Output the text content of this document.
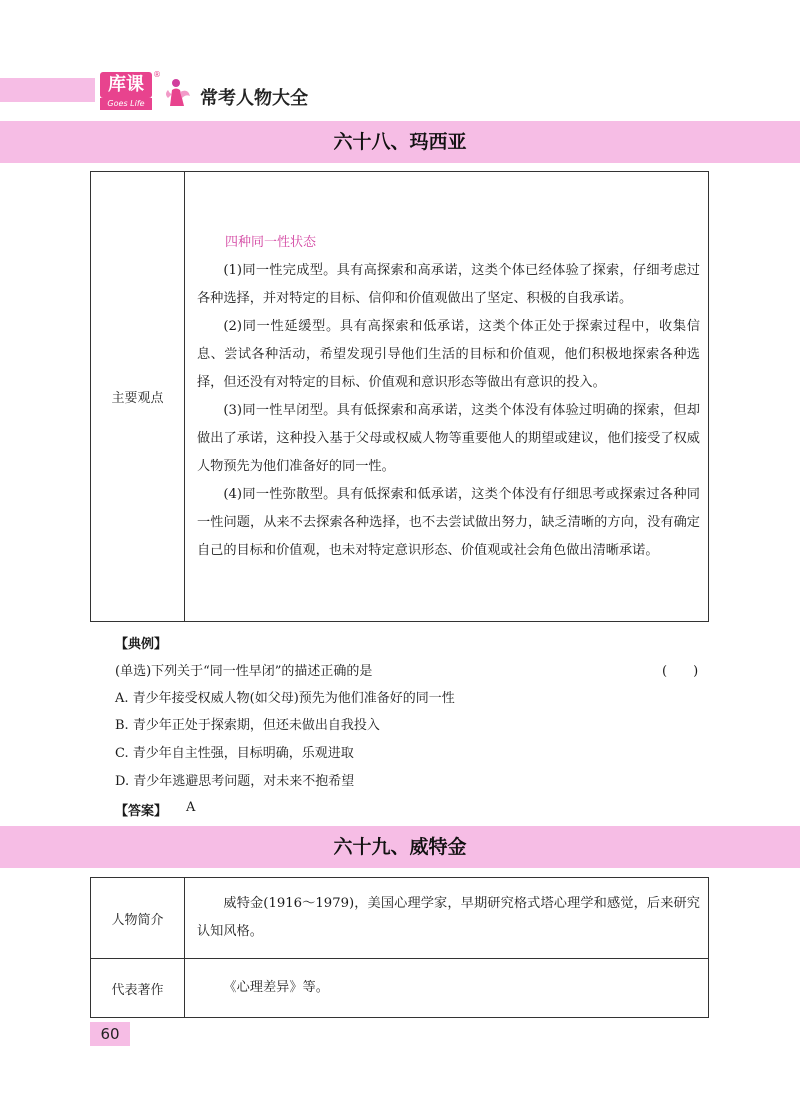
库课
Goes Life
®
常考人物大全
六十八、玛西亚
主要观点	
四种同一性状态

(1)同一性完成型。具有高探索和高承诺，这类个体已经体验了探索，仔细考虑过各种选择，并对特定的目标、信仰和价值观做出了坚定、积极的自我承诺。

(2)同一性延缓型。具有高探索和低承诺，这类个体正处于探索过程中，收集信息、尝试各种活动，希望发现引导他们生活的目标和价值观，他们积极地探索各种选择，但还没有对特定的目标、价值观和意识形态等做出有意识的投入。

(3)同一性早闭型。具有低探索和高承诺，这类个体没有体验过明确的探索，但却做出了承诺，这种投入基于父母或权威人物等重要他人的期望或建议，他们接受了权威人物预先为他们准备好的同一性。

(4)同一性弥散型。具有低探索和低承诺，这类个体没有仔细思考或探索过各种同一性问题，从来不去探索各种选择，也不去尝试做出努力，缺乏清晰的方向，没有确定自己的目标和价值观，也未对特定意识形态、价值观或社会角色做出清晰承诺。

【典例】
(单选)下列关于“同一性早闭”的描述正确的是	(　　)
A. 青少年接受权威人物(如父母)预先为他们准备好的同一性
B. 青少年正处于探索期，但还未做出自我投入
C. 青少年自主性强，目标明确，乐观进取
D. 青少年逃避思考问题，对未来不抱希望
【答案】 A
六十九、威特金
人物简介	威特金(1916～1979)，美国心理学家，早期研究格式塔心理学和感觉，后来研究认知风格。

代表著作	《心理差异》等。

60
